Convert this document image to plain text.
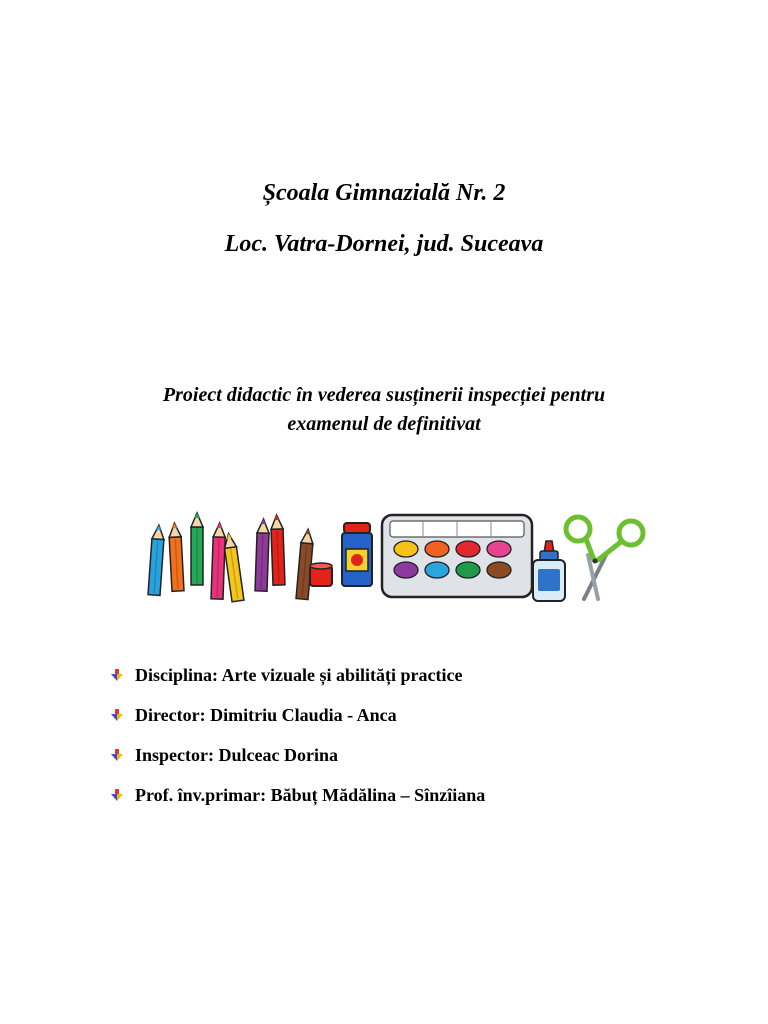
Școala Gimnazială Nr. 2
Loc. Vatra-Dornei, jud. Suceava
Proiect didactic în vederea susținerii inspecției pentru
examenul de definitivat
Disciplina: Arte vizuale și abilități practice
Director: Dimitriu Claudia - Anca
Inspector: Dulceac Dorina
Prof. înv.primar: Băbuț Mădălina – Sînzîiana
